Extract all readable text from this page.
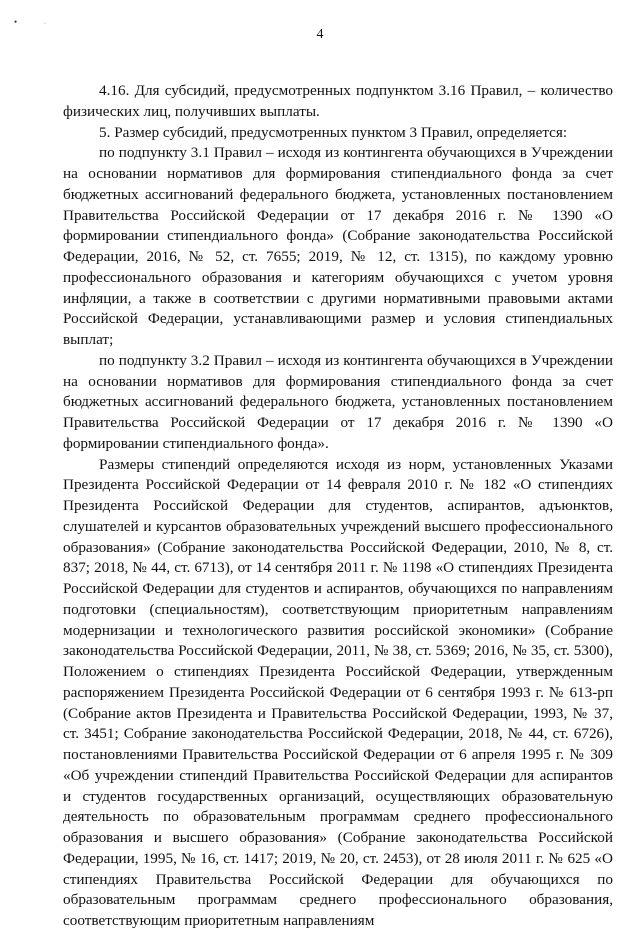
•	·
4

4.16. Для субсидий, предусмотренных подпунктом 3.16 Правил, – количество физических лиц, получивших выплаты.

5. Размер субсидий, предусмотренных пунктом 3 Правил, определяется:

по подпункту 3.1 Правил – исходя из контингента обучающихся в Учреждении на основании нормативов для формирования стипендиального фонда за счет бюджетных ассигнований федерального бюджета, установленных постановлением Правительства Российской Федерации от 17 декабря 2016 г. № 1390 «О формировании стипендиального фонда» (Собрание законодательства Российской Федерации, 2016, № 52, ст. 7655; 2019, № 12, ст. 1315), по каждому уровню профессионального образования и категориям обучающихся с учетом уровня инфляции, а также в соответствии с другими нормативными правовыми актами Российской Федерации, устанавливающими размер и условия стипендиальных выплат;

по подпункту 3.2 Правил – исходя из контингента обучающихся в Учреждении на основании нормативов для формирования стипендиального фонда за счет бюджетных ассигнований федерального бюджета, установленных постановлением Правительства Российской Федерации от 17 декабря 2016 г. № 1390 «О формировании стипендиального фонда».

Размеры стипендий определяются исходя из норм, установленных Указами Президента Российской Федерации от 14 февраля 2010 г. № 182 «О стипендиях Президента Российской Федерации для студентов, аспирантов, адъюнктов, слушателей и курсантов образовательных учреждений высшего профессионального образования» (Собрание законодательства Российской Федерации, 2010, № 8, ст. 837; 2018, № 44, ст. 6713), от 14 сентября 2011 г. № 1198 «О стипендиях Президента Российской Федерации для студентов и аспирантов, обучающихся по направлениям подготовки (специальностям), соответствующим приоритетным направлениям модернизации и технологического развития российской экономики» (Собрание законодательства Российской Федерации, 2011, № 38, ст. 5369; 2016, № 35, ст. 5300), Положением о стипендиях Президента Российской Федерации, утвержденным распоряжением Президента Российской Федерации от 6 сентября 1993 г. № 613-рп (Собрание актов Президента и Правительства Российской Федерации, 1993, № 37, ст. 3451; Собрание законодательства Российской Федерации, 2018, № 44, ст. 6726), постановлениями Правительства Российской Федерации от 6 апреля 1995 г. № 309 «Об учреждении стипендий Правительства Российской Федерации для аспирантов и студентов государственных организаций, осуществляющих образовательную деятельность по образовательным программам среднего профессионального образования и высшего образования» (Собрание законодательства Российской Федерации, 1995, № 16, ст. 1417; 2019, № 20, ст. 2453), от 28 июля 2011 г. № 625 «О стипендиях Правительства Российской Федерации для обучающихся по образовательным программам среднего профессионального образования, соответствующим приоритетным направлениям
